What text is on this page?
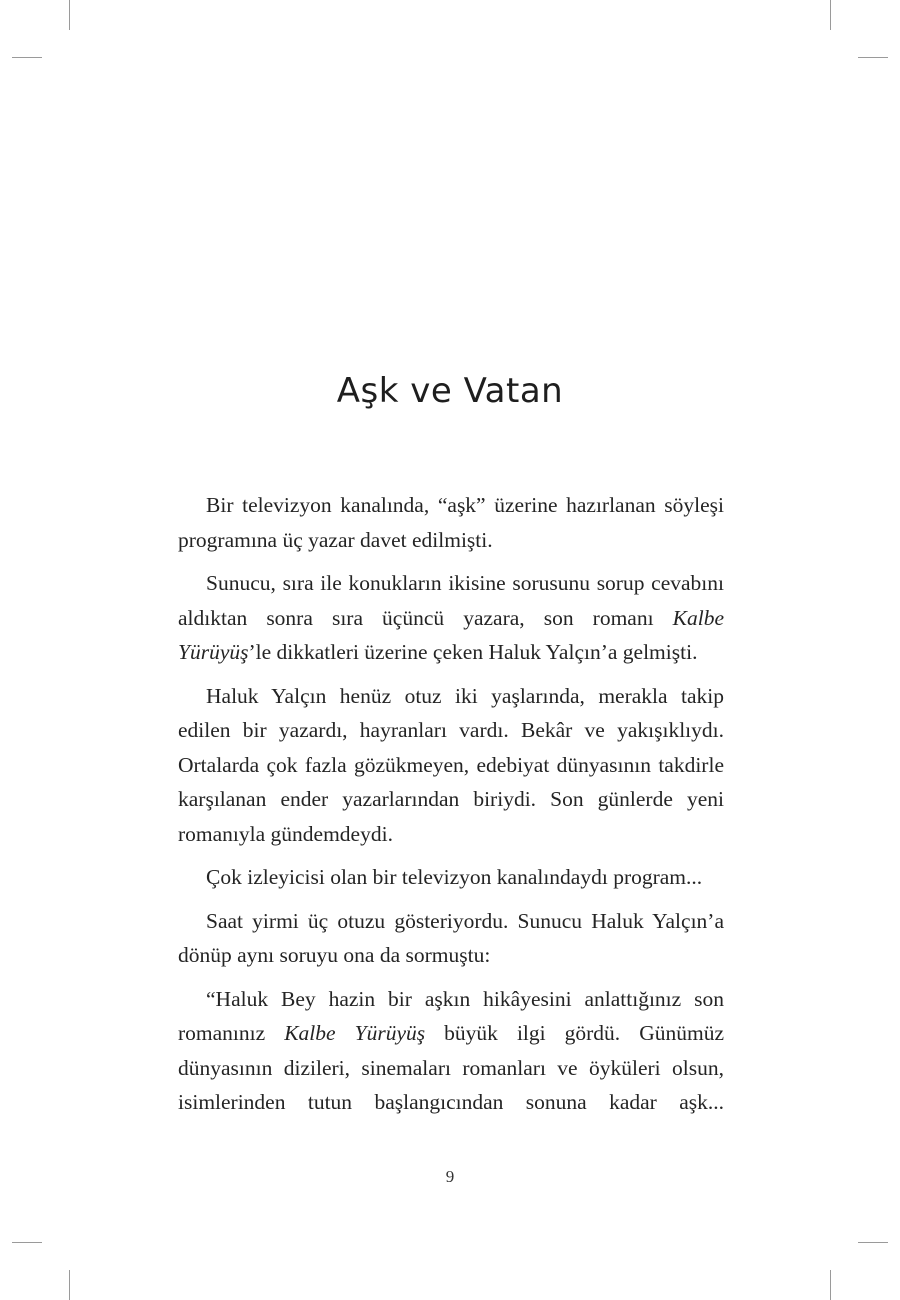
Aşk ve Vatan

Bir televizyon kanalında, “aşk” üzerine hazırlanan söyleşi programına üç yazar davet edilmişti.

Sunucu, sıra ile konukların ikisine sorusunu sorup cevabını aldıktan sonra sıra üçüncü yazara, son romanı Kalbe Yürüyüş’le dikkatleri üzerine çeken Haluk Yalçın’a gelmişti.

Haluk Yalçın henüz otuz iki yaşlarında, merakla takip edilen bir yazardı, hayranları vardı. Bekâr ve yakışıklıydı. Ortalarda çok fazla gözükmeyen, edebiyat dünyasının takdirle karşılanan ender yazarlarından biriydi. Son günlerde yeni romanıyla gündemdeydi.

Çok izleyicisi olan bir televizyon kanalındaydı program...

Saat yirmi üç otuzu gösteriyordu. Sunucu Haluk Yalçın’a dönüp aynı soruyu ona da sormuştu:

“Haluk Bey hazin bir aşkın hikâyesini anlattığınız son romanınız Kalbe Yürüyüş büyük ilgi gördü. Günümüz dünyasının dizileri, sinemaları romanları ve öyküleri olsun, isimlerinden tutun başlangıcından sonuna kadar aşk...

9
